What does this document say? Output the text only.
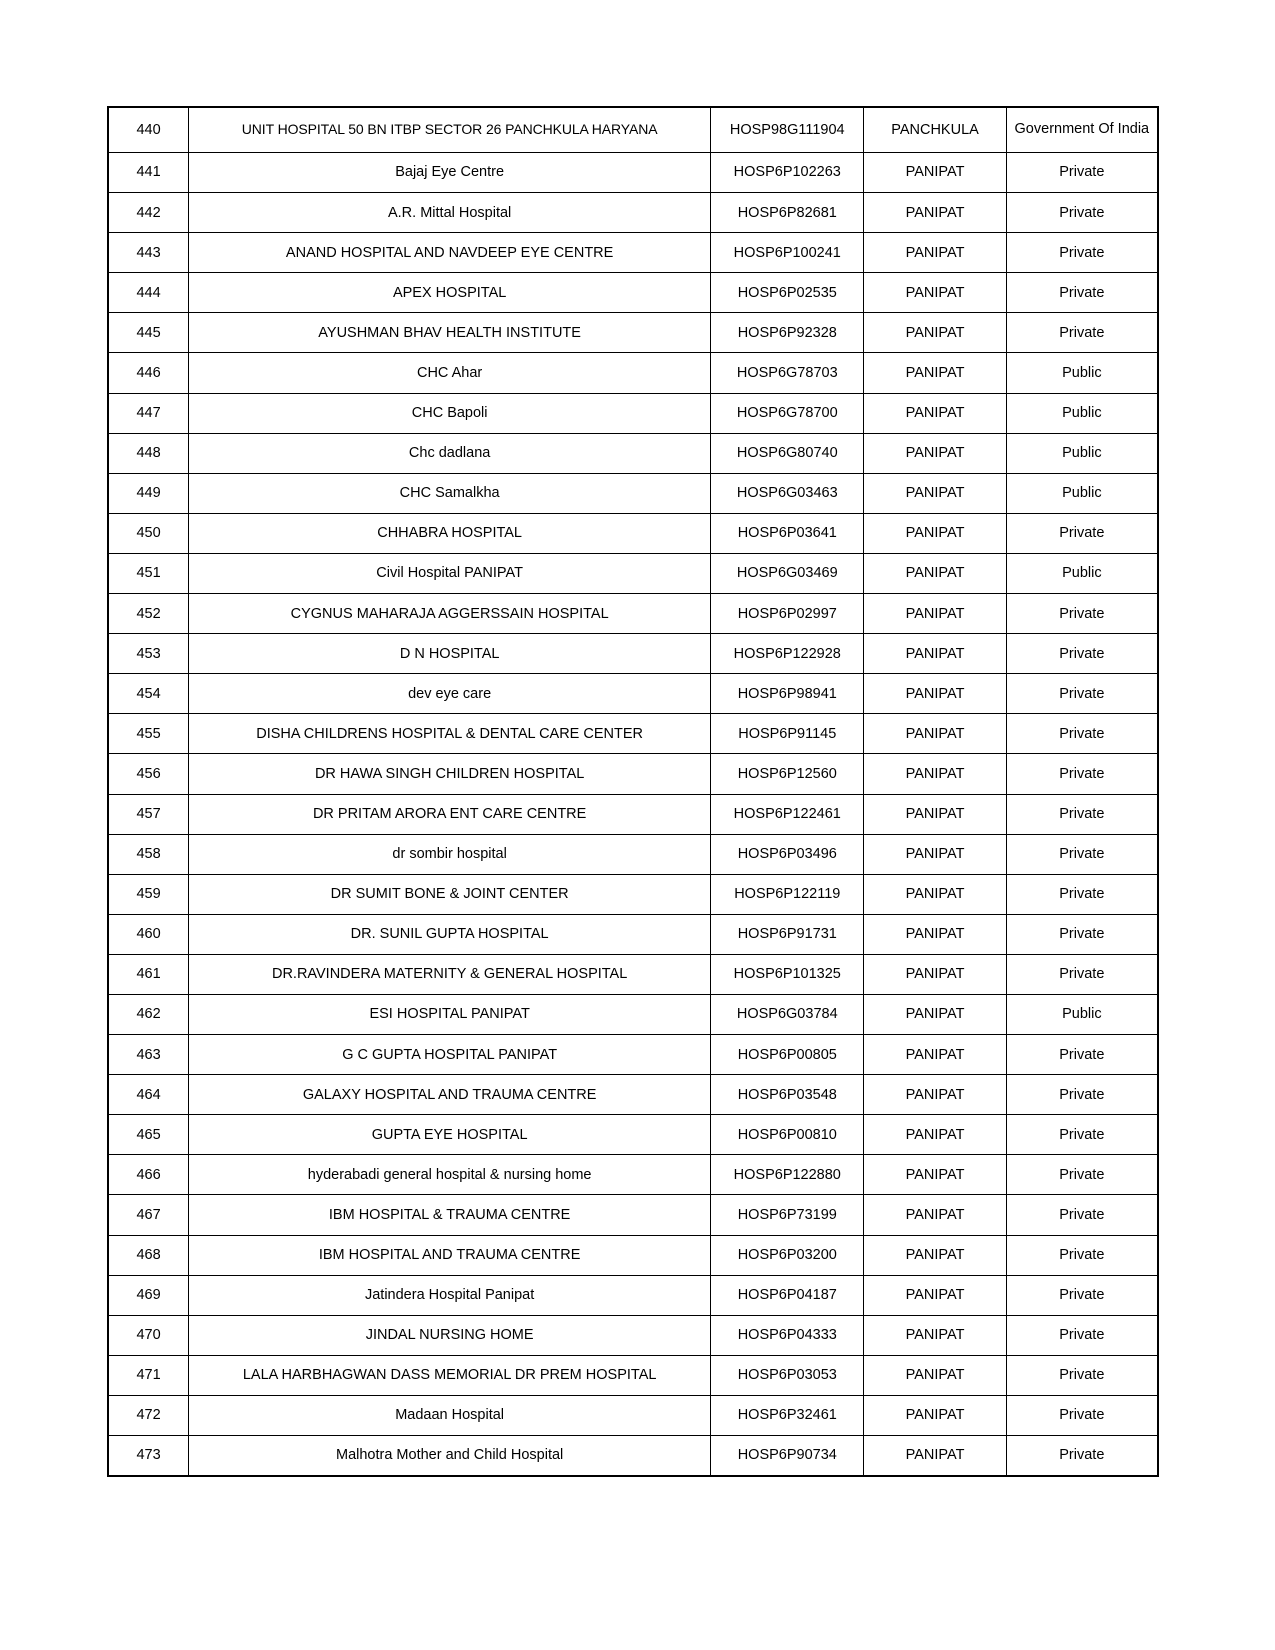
440	UNIT HOSPITAL 50 BN ITBP SECTOR 26 PANCHKULA HARYANA	HOSP98G111904	PANCHKULA	Government Of India
441	Bajaj Eye Centre	HOSP6P102263	PANIPAT	Private
442	A.R. Mittal Hospital	HOSP6P82681	PANIPAT	Private
443	ANAND HOSPITAL AND NAVDEEP EYE CENTRE	HOSP6P100241	PANIPAT	Private
444	APEX HOSPITAL	HOSP6P02535	PANIPAT	Private
445	AYUSHMAN BHAV HEALTH INSTITUTE	HOSP6P92328	PANIPAT	Private
446	CHC Ahar	HOSP6G78703	PANIPAT	Public
447	CHC Bapoli	HOSP6G78700	PANIPAT	Public
448	Chc dadlana	HOSP6G80740	PANIPAT	Public
449	CHC Samalkha	HOSP6G03463	PANIPAT	Public
450	CHHABRA HOSPITAL	HOSP6P03641	PANIPAT	Private
451	Civil Hospital PANIPAT	HOSP6G03469	PANIPAT	Public
452	CYGNUS MAHARAJA AGGERSSAIN HOSPITAL	HOSP6P02997	PANIPAT	Private
453	D N HOSPITAL	HOSP6P122928	PANIPAT	Private
454	dev eye care	HOSP6P98941	PANIPAT	Private
455	DISHA CHILDRENS HOSPITAL & DENTAL CARE CENTER	HOSP6P91145	PANIPAT	Private
456	DR HAWA SINGH CHILDREN HOSPITAL	HOSP6P12560	PANIPAT	Private
457	DR PRITAM ARORA ENT CARE CENTRE	HOSP6P122461	PANIPAT	Private
458	dr sombir hospital	HOSP6P03496	PANIPAT	Private
459	DR SUMIT BONE & JOINT CENTER	HOSP6P122119	PANIPAT	Private
460	DR. SUNIL GUPTA HOSPITAL	HOSP6P91731	PANIPAT	Private
461	DR.RAVINDERA MATERNITY & GENERAL HOSPITAL	HOSP6P101325	PANIPAT	Private
462	ESI HOSPITAL PANIPAT	HOSP6G03784	PANIPAT	Public
463	G C GUPTA HOSPITAL PANIPAT	HOSP6P00805	PANIPAT	Private
464	GALAXY HOSPITAL AND TRAUMA CENTRE	HOSP6P03548	PANIPAT	Private
465	GUPTA EYE HOSPITAL	HOSP6P00810	PANIPAT	Private
466	hyderabadi general hospital & nursing home	HOSP6P122880	PANIPAT	Private
467	IBM HOSPITAL & TRAUMA CENTRE	HOSP6P73199	PANIPAT	Private
468	IBM HOSPITAL AND TRAUMA CENTRE	HOSP6P03200	PANIPAT	Private
469	Jatindera Hospital Panipat	HOSP6P04187	PANIPAT	Private
470	JINDAL NURSING HOME	HOSP6P04333	PANIPAT	Private
471	LALA HARBHAGWAN DASS MEMORIAL DR PREM HOSPITAL	HOSP6P03053	PANIPAT	Private
472	Madaan Hospital	HOSP6P32461	PANIPAT	Private
473	Malhotra Mother and Child Hospital	HOSP6P90734	PANIPAT	Private
